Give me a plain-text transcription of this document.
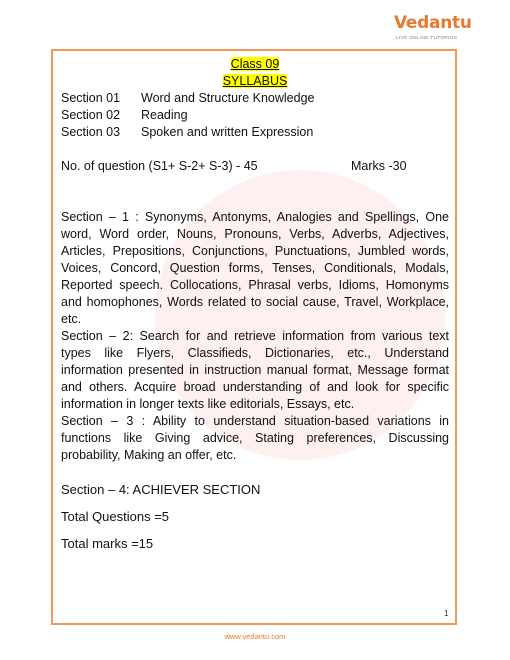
Vedantu
LIVE ONLINE TUTORING
Class 09
SYLLABUS
Section 01 Word and Structure Knowledge
Section 02 Reading
Section 03 Spoken and written Expression
No. of question (S1+ S-2+ S-3) - 45	Marks -30

Section – 1 : Synonyms, Antonyms, Analogies and Spellings, One word, Word order, Nouns, Pronouns, Verbs, Adverbs, Adjectives, Articles, Prepositions, Conjunctions, Punctuations, Jumbled words, Voices, Concord, Question forms, Tenses, Conditionals, Modals, Reported speech. Collocations, Phrasal verbs, Idioms, Homonyms and homophones, Words related to social cause, Travel, Workplace, etc.

Section – 2: Search for and retrieve information from various text types like Flyers, Classifieds, Dictionaries, etc., Understand information presented in instruction manual format, Message format and others. Acquire broad understanding of and look for specific information in longer texts like editorials, Essays, etc.

Section – 3 : Ability to understand situation-based variations in functions like Giving advice, Stating preferences, Discussing probability, Making an offer, etc.

Section – 4: ACHIEVER SECTION
Total Questions =5
Total marks =15
1
www.vedantu.com
